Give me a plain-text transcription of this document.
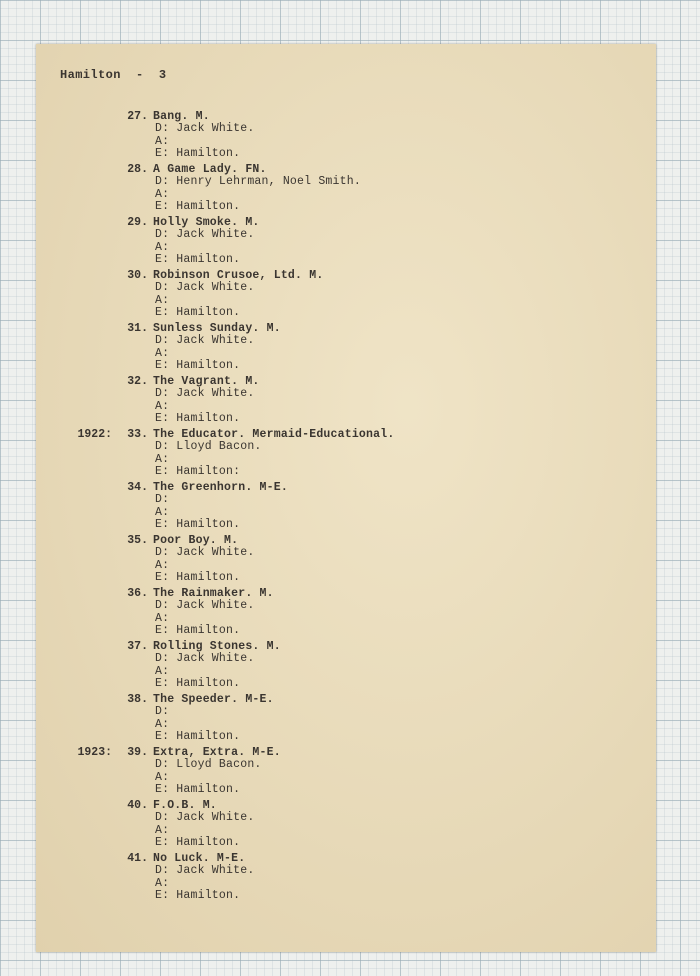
Hamilton  -  3
27. Bang. M.
D: Jack White.
A:
E: Hamilton.
28. A Game Lady. FN.
D: Henry Lehrman, Noel Smith.
A:
E: Hamilton.
29. Holly Smoke. M.
D: Jack White.
A:
E: Hamilton.
30. Robinson Crusoe, Ltd. M.
D: Jack White.
A:
E: Hamilton.
31. Sunless Sunday. M.
D: Jack White.
A:
E: Hamilton.
32. The Vagrant. M.
D: Jack White.
A:
E: Hamilton.
1922: 33. The Educator. Mermaid-Educational.
D: Lloyd Bacon.
A:
E: Hamilton:
34. The Greenhorn. M-E.
D:
A:
E: Hamilton.
35. Poor Boy. M.
D: Jack White.
A:
E: Hamilton.
36. The Rainmaker. M.
D: Jack White.
A:
E: Hamilton.
37. Rolling Stones. M.
D: Jack White.
A:
E: Hamilton.
38. The Speeder. M-E.
D:
A:
E: Hamilton.
1923: 39. Extra, Extra. M-E.
D: Lloyd Bacon.
A:
E: Hamilton.
40. F.O.B. M.
D: Jack White.
A:
E: Hamilton.
41. No Luck. M-E.
D: Jack White.
A:
E: Hamilton.
